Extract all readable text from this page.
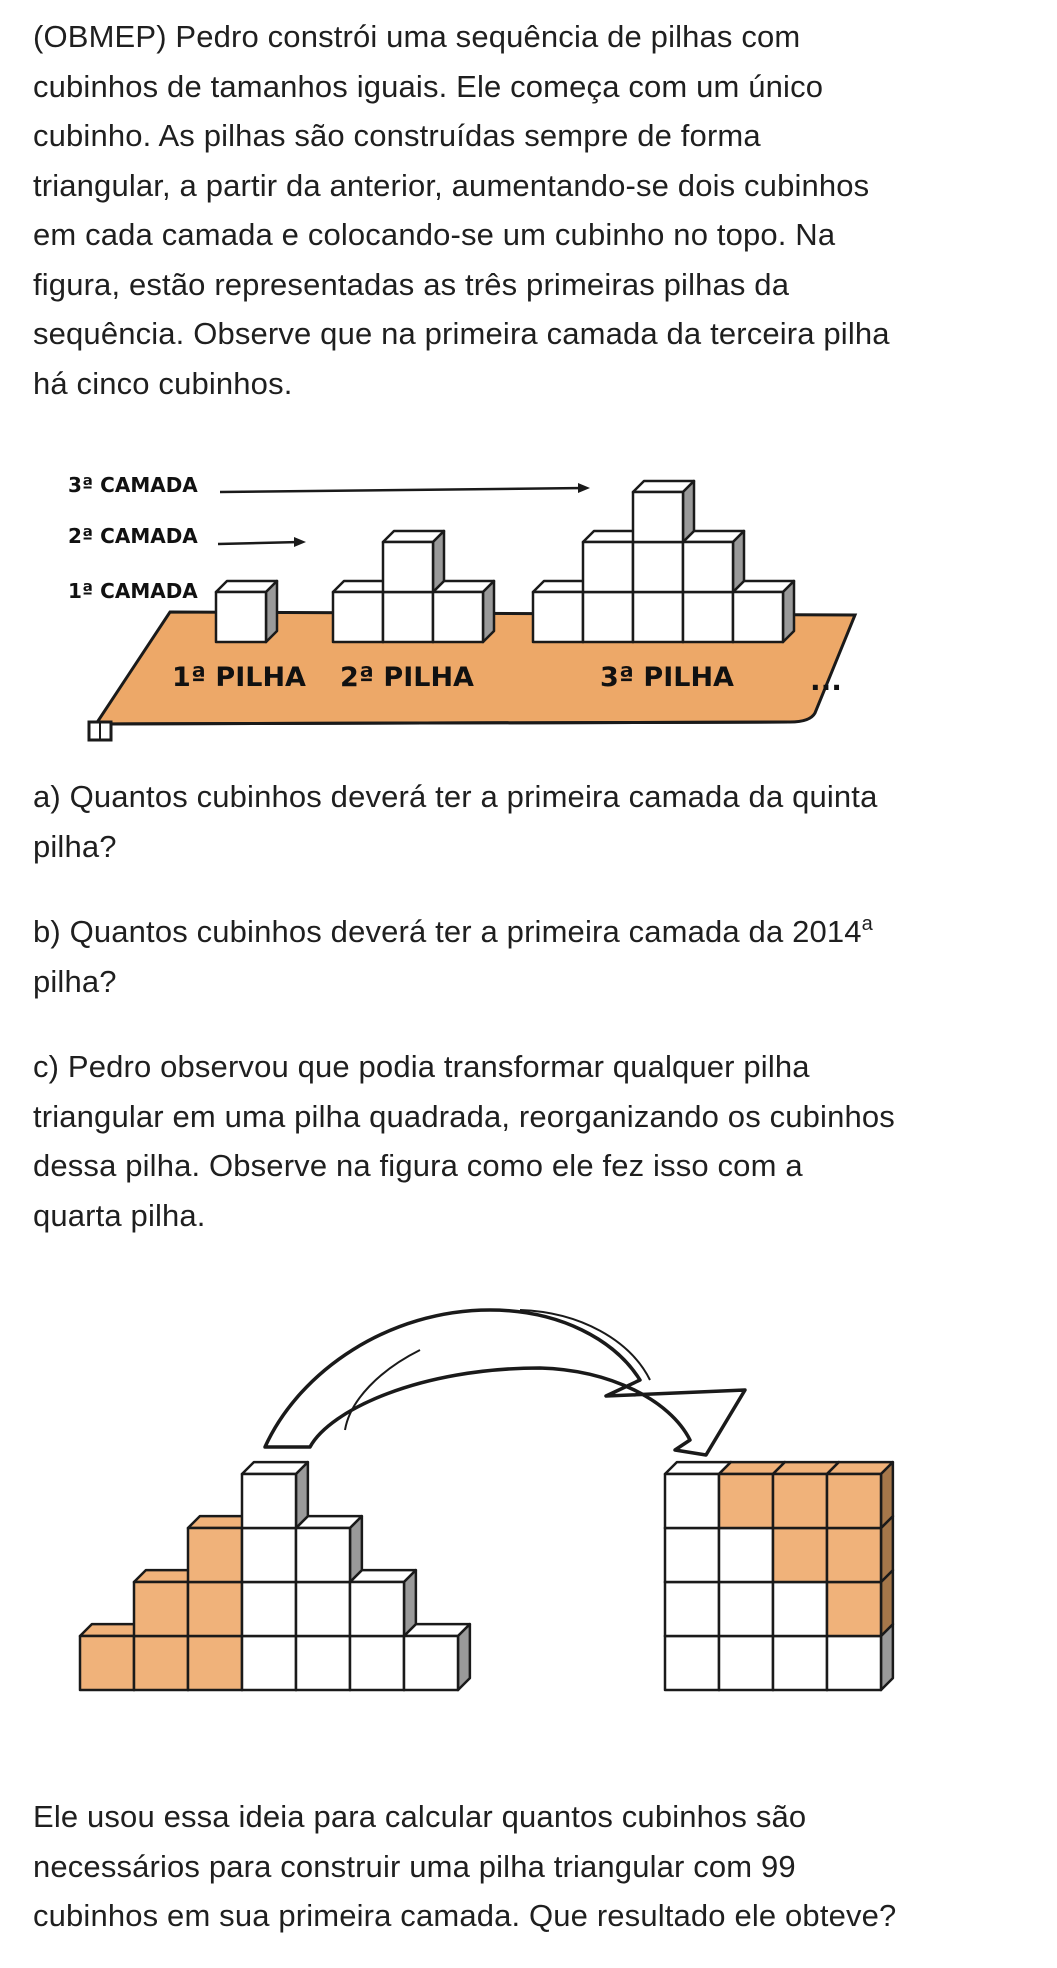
(OBMEP) Pedro constrói uma sequência de pilhas com
cubinhos de tamanhos iguais. Ele começa com um único
cubinho. As pilhas são construídas sempre de forma
triangular, a partir da anterior, aumentando-se dois cubinhos
em cada camada e colocando-se um cubinho no topo. Na
figura, estão representadas as três primeiras pilhas da
sequência. Observe que na primeira camada da terceira pilha
há cinco cubinhos.
3ª CAMADA
2ª CAMADA
1ª CAMADA
1ª PILHA 2ª PILHA	3ª PILHA	...
a) Quantos cubinhos deverá ter a primeira camada da quinta
pilha?
b) Quantos cubinhos deverá ter a primeira camada da 2014$^a$
pilha?
c) Pedro observou que podia transformar qualquer pilha
triangular em uma pilha quadrada, reorganizando os cubinhos
dessa pilha. Observe na figura como ele fez isso com a
quarta pilha.
Ele usou essa ideia para calcular quantos cubinhos são
necessários para construir uma pilha triangular com 99
cubinhos em sua primeira camada. Que resultado ele obteve?
